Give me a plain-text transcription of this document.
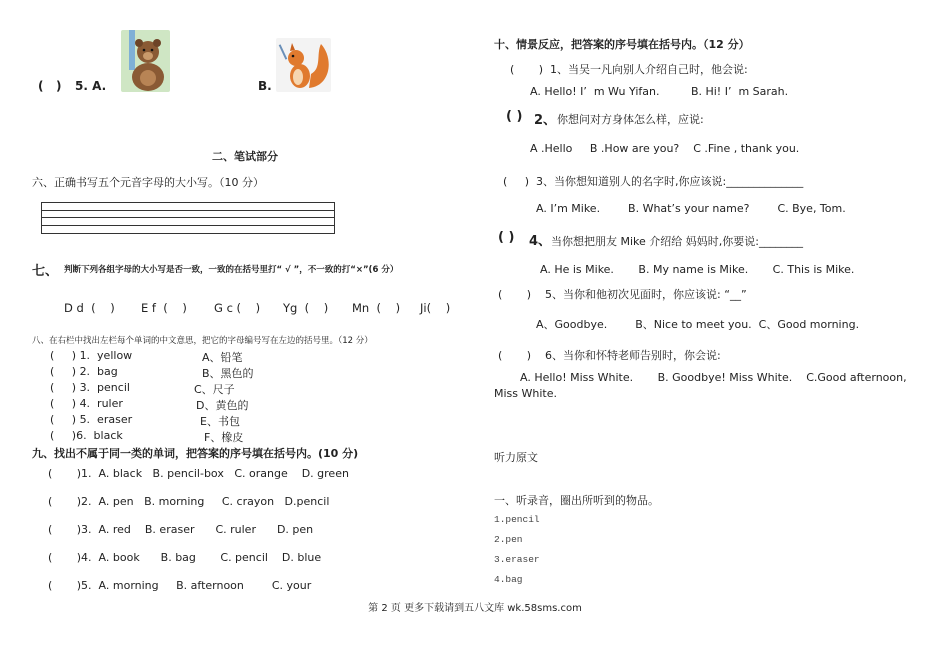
(   ) 5. A.	B.
二、笔试部分
六、正确书写五个元音字母的大小写。（10 分）
七、 判断下列各组字母的大小写是否一致，一致的在括号里打“ √ ”，不一致的打“×”(6 分）
D d  (    ) E f  (    ) G c (    ) Yg  (    ) Mn  (    ) Ji(    )
八、在右栏中找出左栏每个单词的中文意思，把它的字母编号写在左边的括号里。（12 分）
(     ) 1.  yellow	A、铅笔
(     ) 2.  bag	B、黑色的
(     ) 3.  pencil	C、尺子
(     ) 4.  ruler	D、黄色的
(     ) 5.  eraser	E、书包
(     )6.  black	F、橡皮
九、找出不属于同一类的单词，把答案的序号填在括号内。(10 分)
(       )1.  A. black   B. pencil-box   C. orange    D. green
(       )2.  A. pen   B. morning     C. crayon   D.pencil
(       )3.  A. red    B. eraser      C. ruler      D. pen
(       )4.  A. book      B. bag       C. pencil    D. blue
(       )5.  A. morning     B. afternoon        C. your
十、情景反应，把答案的序号填在括号内。（12 分）
(       )  1、当吴一凡向别人介绍自己时，他会说:
A. Hello! I’  m Wu Yifan.         B. Hi! I’  m Sarah.
( ) 2、 你想问对方身体怎么样，应说:
A .Hello     B .How are you?    C .Fine , thank you.
(     )  3、当你想知道别人的名字时,你应该说:______________
A. I’m Mike.        B. What’s your name?        C. Bye, Tom.
( ) 4、 当你想把朋友 Mike 介绍给 妈妈时,你要说:________
A. He is Mike.       B. My name is Mike.       C. This is Mike.
(       )    5、当你和他初次见面时，你应该说: “__”
A、Goodbye.        B、Nice to meet you.  C、Good morning.
(       )    6、当你和怀特老师告别时，你会说:
A. Hello! Miss White.       B. Goodbye! Miss White.    C.Good afternoon,
Miss White.
听力原文
一、听录音，圈出所听到的物品。
1.pencil
2.pen
3.eraser
4.bag
第 2 页 更多下载请到五八文库 wk.58sms.com
